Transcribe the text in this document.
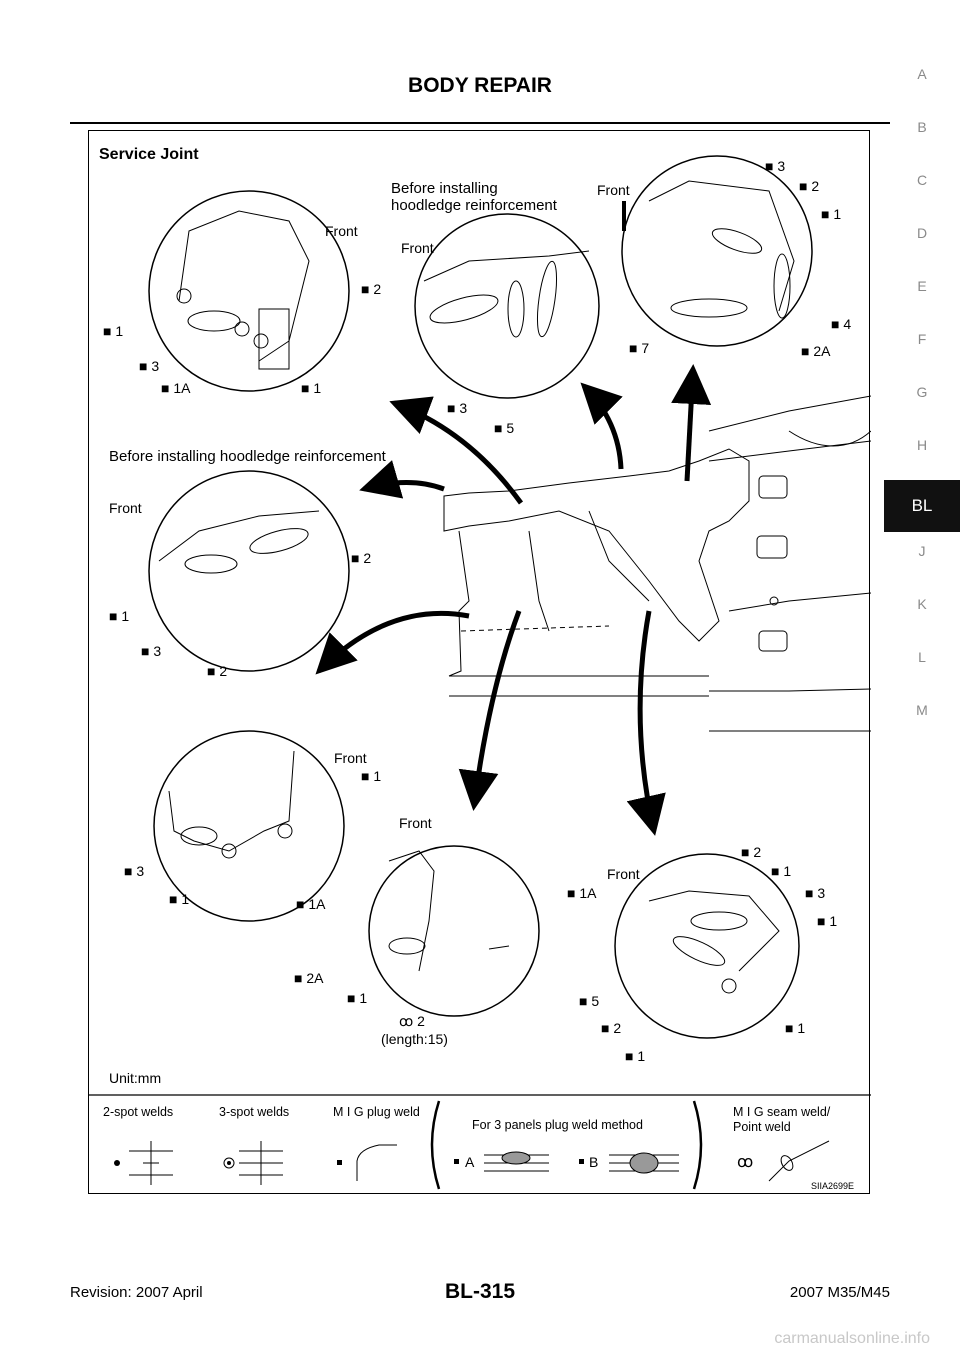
BODY REPAIR	A
B
C
D
E
F
G
H
BL
J
K
L
M
Service Joint
Before installing
hoodledge reinforcement
Before installing hoodledge reinforcement
Front
■ 1
■ 3
■ 1A	■ 1
Front
■ 2
■ 3
■ 5
Front
■ 3
■ 2
■ 1
■ 4
■ 2A
■ 7
Front
■ 2
■ 1
■ 3
■ 2
Front
■ 1
■ 3
■ 1	■ 1A
Front
■ 2A
■ 1
ꝏ 2
(length:15)
Front
■ 2
■ 1
■ 3
■ 1
■ 1A
■ 5
■ 2	■ 1
■ 1
Unit:mm
2-spot welds	3-spot welds	M I G plug weld
For 3 panels plug weld method
M I G seam weld/
Point weld
A	B	ꝏ
SIIA2699E
Revision: 2007 April	BL-315	2007 M35/M45
carmanualsonline.info
